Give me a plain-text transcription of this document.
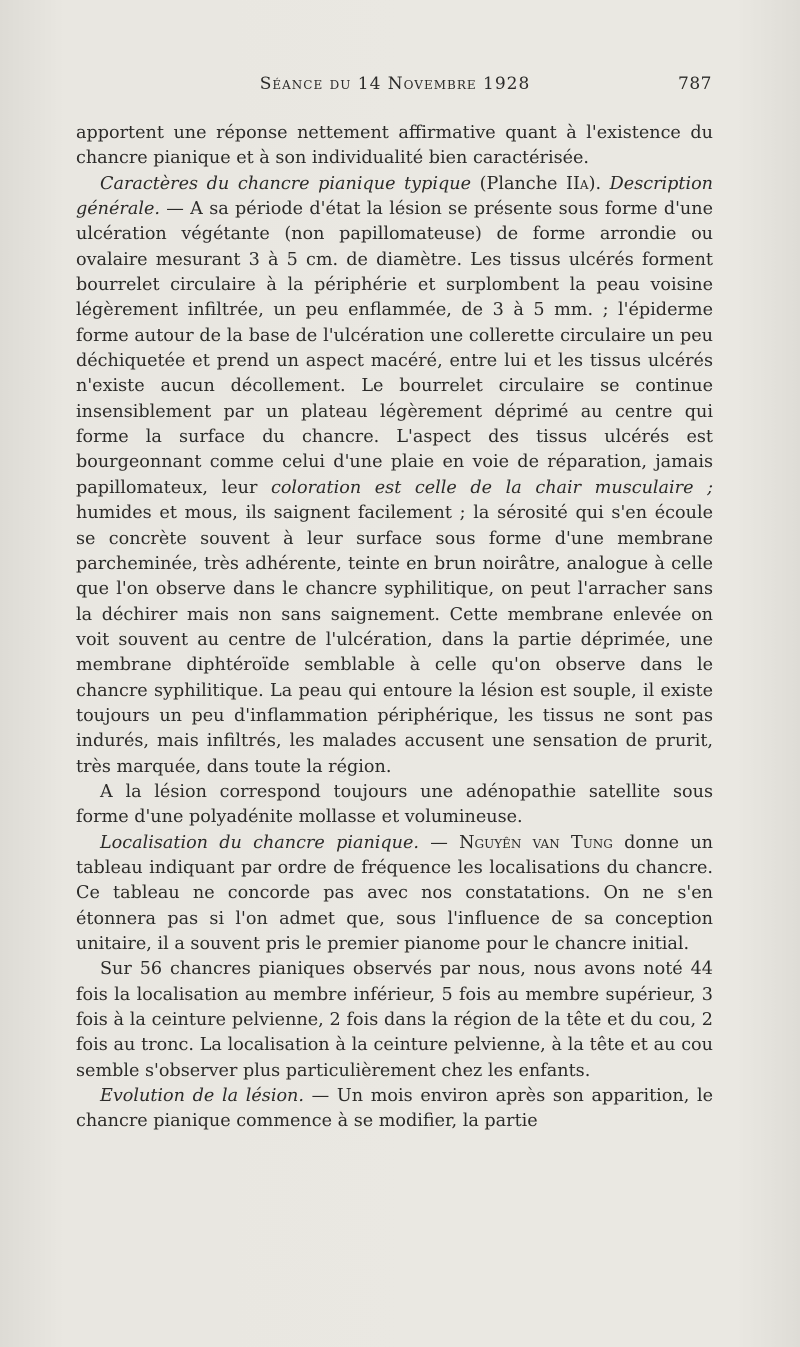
Séance du 14 Novembre 1928	787

apportent une réponse nettement affirmative quant à l'existence du chancre pianique et à son individualité bien caractérisée.

Caractères du chancre pianique typique (Planche IIa). Description générale. — A sa période d'état la lésion se présente sous forme d'une ulcération végétante (non papillomateuse) de forme arrondie ou ovalaire mesurant 3 à 5 cm. de diamètre. Les tissus ulcérés forment bourrelet circulaire à la périphérie et surplombent la peau voisine légèrement infiltrée, un peu enflammée, de 3 à 5 mm. ; l'épiderme forme autour de la base de l'ulcération une collerette circulaire un peu déchiquetée et prend un aspect macéré, entre lui et les tissus ulcérés n'existe aucun décollement. Le bourrelet circulaire se continue insensiblement par un plateau légèrement déprimé au centre qui forme la surface du chancre. L'aspect des tissus ulcérés est bourgeonnant comme celui d'une plaie en voie de réparation, jamais papillomateux, leur coloration est celle de la chair musculaire ; humides et mous, ils saignent facilement ; la sérosité qui s'en écoule se concrète souvent à leur surface sous forme d'une membrane parcheminée, très adhérente, teinte en brun noirâtre, analogue à celle que l'on observe dans le chancre syphilitique, on peut l'arracher sans la déchirer mais non sans saignement. Cette membrane enlevée on voit souvent au centre de l'ulcération, dans la partie déprimée, une membrane diphtéroïde semblable à celle qu'on observe dans le chancre syphilitique. La peau qui entoure la lésion est souple, il existe toujours un peu d'inflammation périphérique, les tissus ne sont pas indurés, mais infiltrés, les malades accusent une sensation de prurit, très marquée, dans toute la région.

A la lésion correspond toujours une adénopathie satellite sous forme d'une polyadénite mollasse et volumineuse.

Localisation du chancre pianique. — Nguyên van Tung donne un tableau indiquant par ordre de fréquence les localisations du chancre. Ce tableau ne concorde pas avec nos constatations. On ne s'en étonnera pas si l'on admet que, sous l'influence de sa conception unitaire, il a souvent pris le premier pianome pour le chancre initial.

Sur 56 chancres pianiques observés par nous, nous avons noté 44 fois la localisation au membre inférieur, 5 fois au membre supérieur, 3 fois à la ceinture pelvienne, 2 fois dans la région de la tête et du cou, 2 fois au tronc. La localisation à la ceinture pelvienne, à la tête et au cou semble s'observer plus particulièrement chez les enfants.

Evolution de la lésion. — Un mois environ après son apparition, le chancre pianique commence à se modifier, la partie
